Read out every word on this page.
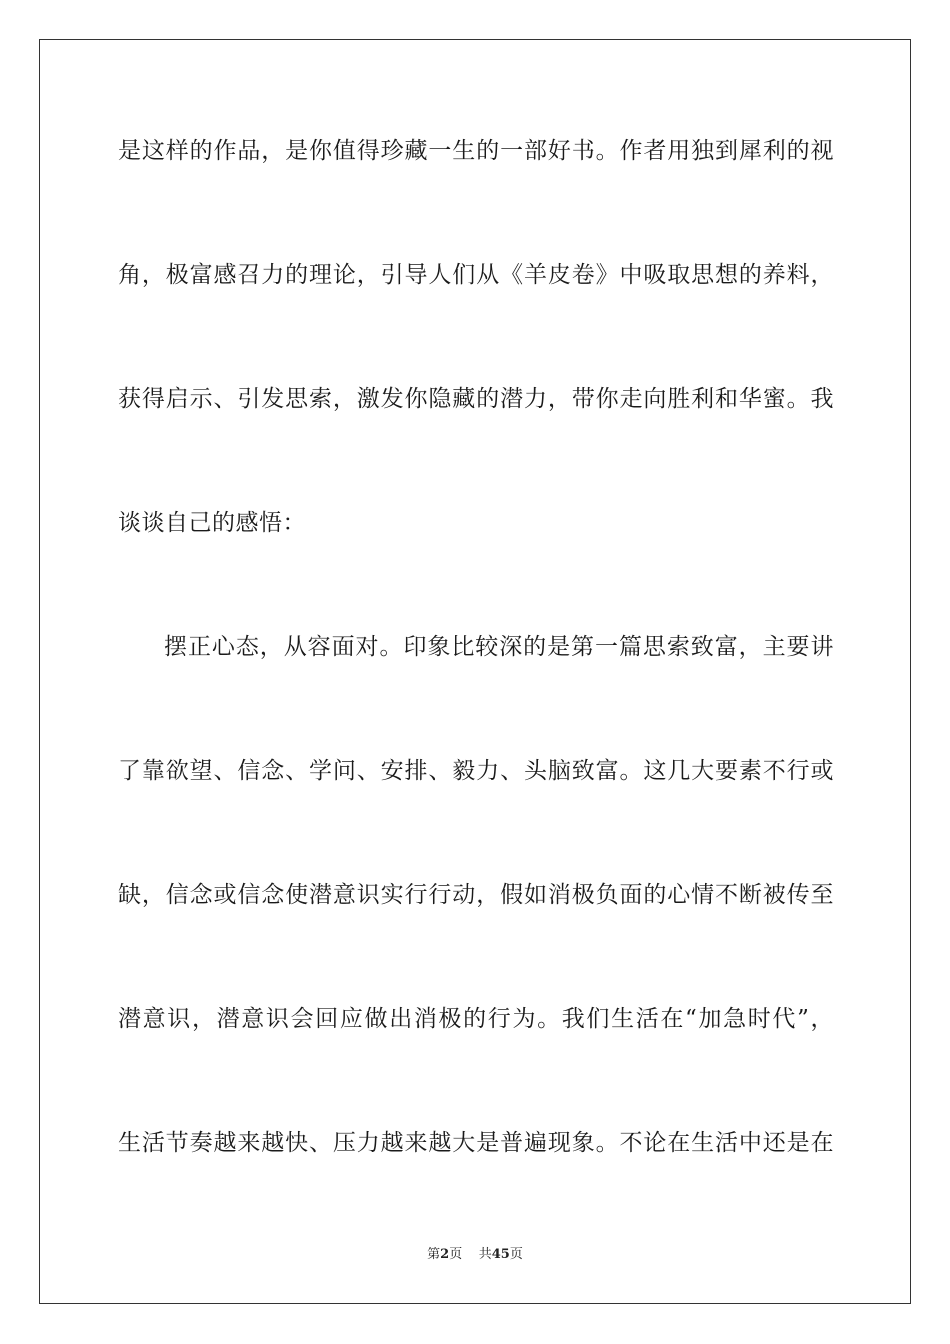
是这样的作品，是你值得珍藏一生的一部好书。作者用独到犀利的视
角，极富感召力的理论，引导人们从《羊皮卷》中吸取思想的养料，
获得启示、引发思索，激发你隐藏的潜力，带你走向胜利和华蜜。我
谈谈自己的感悟：
摆正心态，从容面对。印象比较深的是第一篇思索致富，主要讲
了靠欲望、信念、学问、安排、毅力、头脑致富。这几大要素不行或
缺，信念或信念使潜意识实行行动，假如消极负面的心情不断被传至
潜意识，潜意识会回应做出消极的行为。我们生活在“加急时代”，
生活节奏越来越快、压力越来越大是普遍现象。不论在生活中还是在
第2页 共45页
